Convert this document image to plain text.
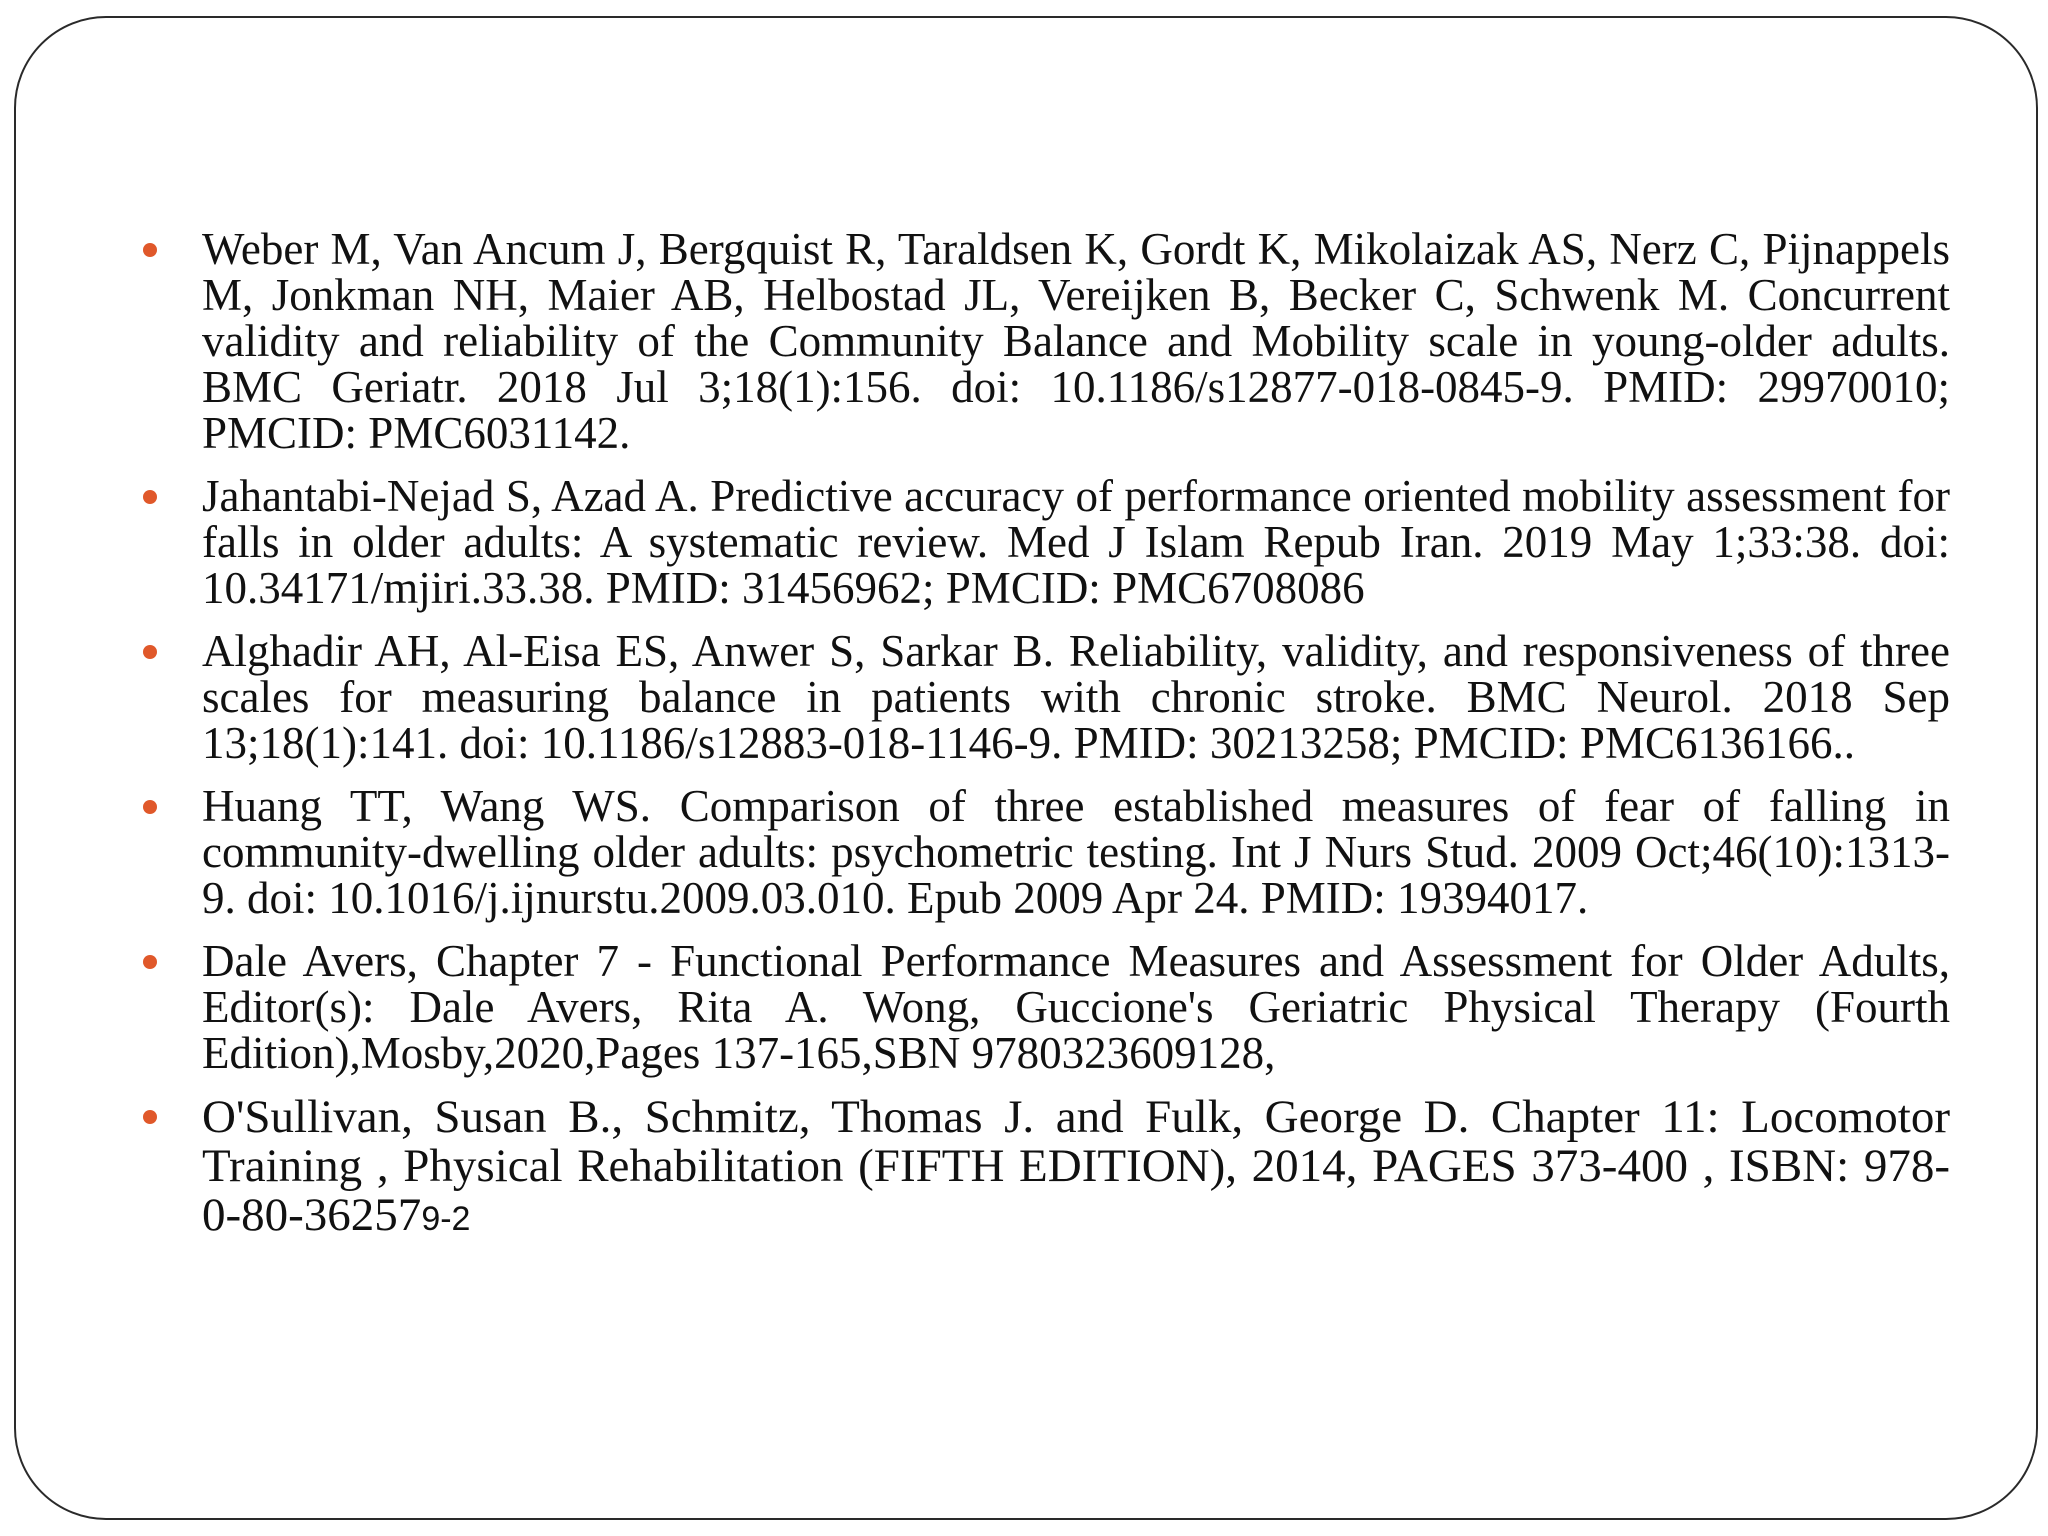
Weber M, Van Ancum J, Bergquist R, Taraldsen K, Gordt K, Mikolaizak AS, Nerz C, Pijnappels M, Jonkman NH, Maier AB, Helbostad JL, Vereijken B, Becker C, Schwenk M. Concurrent validity and reliability of the Community Balance and Mobility scale in young-older adults. BMC Geriatr. 2018 Jul 3;18(1):156. doi: 10.1186/s12877-018-0845-9. PMID: 29970010; PMCID: PMC6031142.
Jahantabi-Nejad S, Azad A. Predictive accuracy of performance oriented mobility assessment for falls in older adults: A systematic review. Med J Islam Repub Iran. 2019 May 1;33:38. doi: 10.34171/mjiri.33.38. PMID: 31456962; PMCID: PMC6708086
Alghadir AH, Al-Eisa ES, Anwer S, Sarkar B. Reliability, validity, and responsiveness of three scales for measuring balance in patients with chronic stroke. BMC Neurol. 2018 Sep 13;18(1):141. doi: 10.1186/s12883-018-1146-9. PMID: 30213258; PMCID: PMC6136166..
Huang TT, Wang WS. Comparison of three established measures of fear of falling in community-dwelling older adults: psychometric testing. Int J Nurs Stud. 2009 Oct;46(10):1313-9. doi: 10.1016/j.ijnurstu.2009.03.010. Epub 2009 Apr 24. PMID: 19394017.
Dale Avers, Chapter 7 - Functional Performance Measures and Assessment for Older Adults, Editor(s): Dale Avers, Rita A. Wong, Guccione's Geriatric Physical Therapy (Fourth Edition),Mosby,2020,Pages 137-165,SBN 9780323609128,
O'Sullivan, Susan B., Schmitz, Thomas J. and Fulk, George D. Chapter 11: Locomotor Training , Physical Rehabilitation (FIFTH EDITION), 2014, PAGES 373-400 , ISBN: 978-0-80-362579-2
